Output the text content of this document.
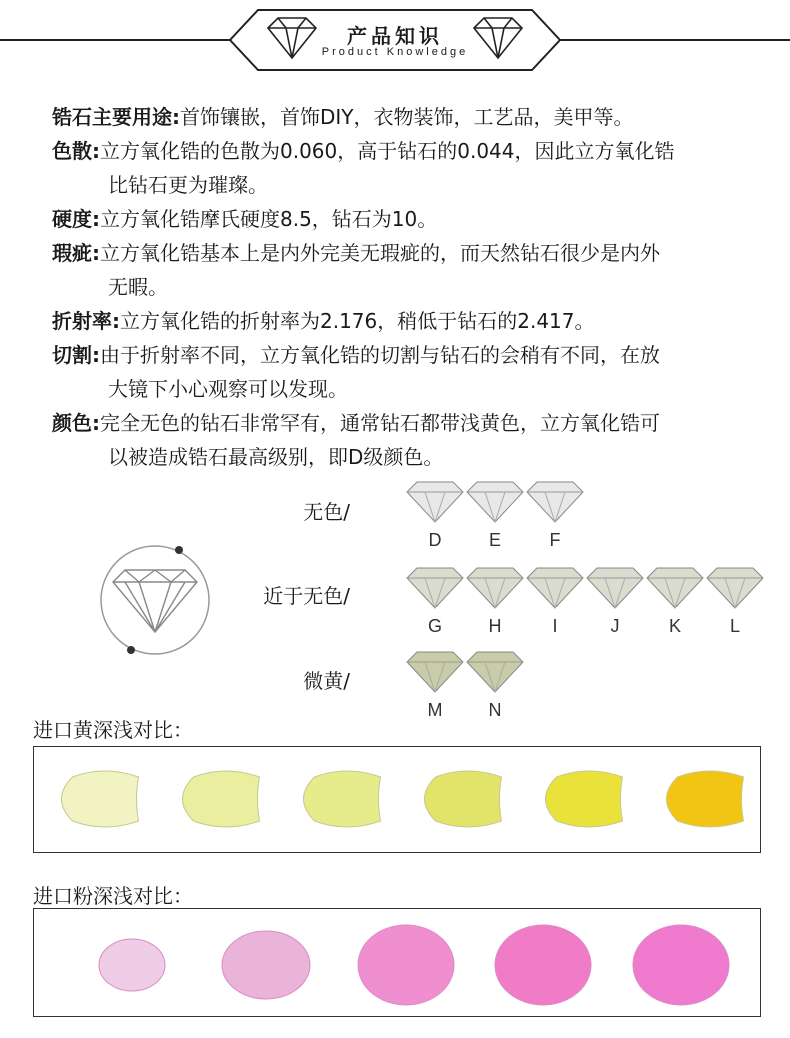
产品知识
Product Knowledge

锆石主要用途:首饰镶嵌，首饰DIY，衣物装饰，工艺品，美甲等。

色散:立方氧化锆的色散为0.060，高于钻石的0.044，因此立方氧化锆
比钻石更为璀璨。

硬度:立方氧化锆摩氏硬度8.5，钻石为10。

瑕疵:立方氧化锆基本上是内外完美无瑕疵的，而天然钻石很少是内外
无暇。

折射率:立方氧化锆的折射率为2.176，稍低于钻石的2.417。

切割:由于折射率不同，立方氧化锆的切割与钻石的会稍有不同，在放
大镜下小心观察可以发现。

颜色:完全无色的钻石非常罕有，通常钻石都带浅黄色，立方氧化锆可
以被造成锆石最高级别，即D级颜色。

无色/
近于无色/
微黄/
D	E	F
G	H	I	J	K	L
M	N
进口黄深浅对比：
进口粉深浅对比：
